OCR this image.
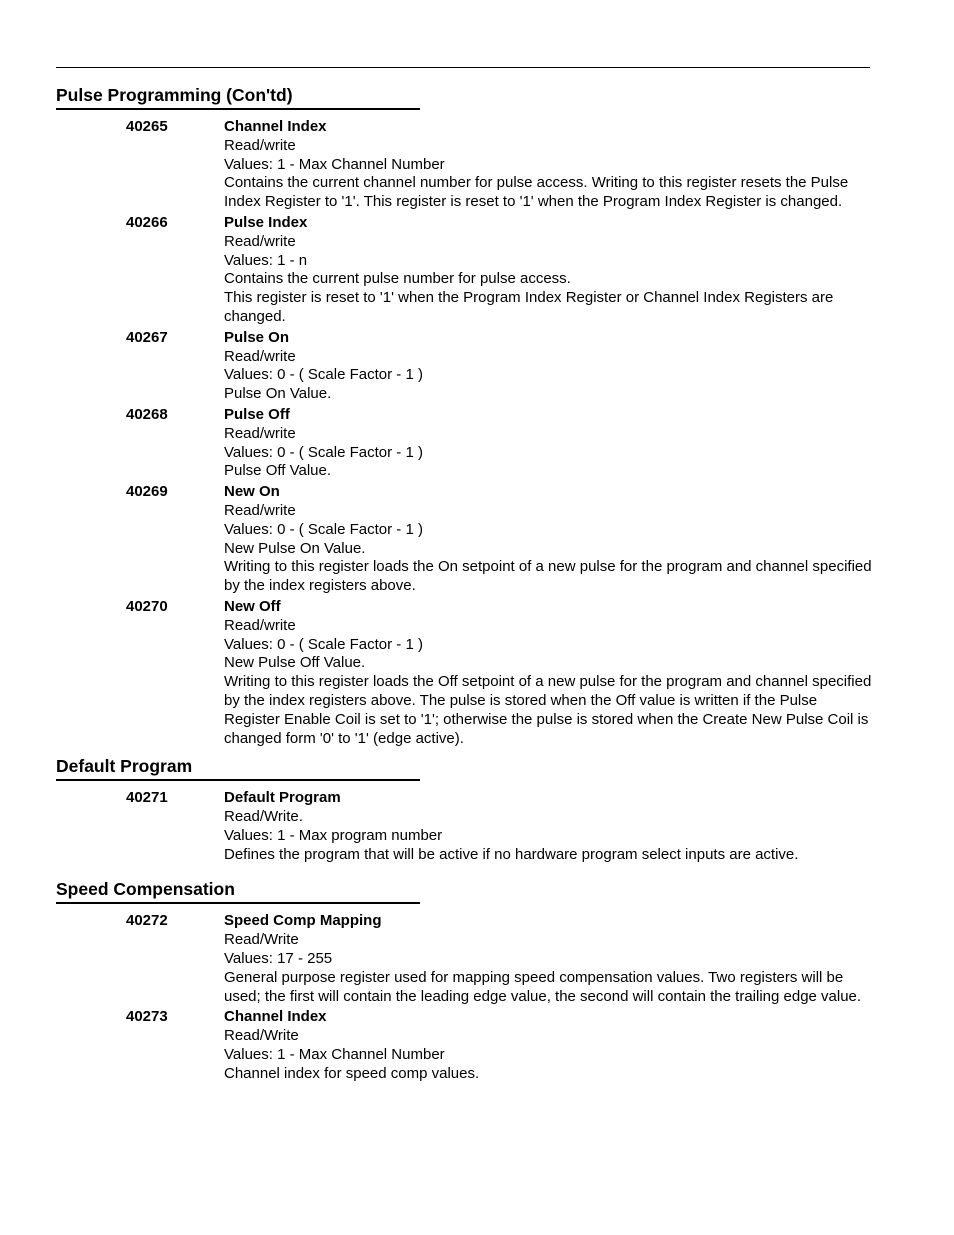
Pulse Programming (Con'td)
40265	Channel Index
Read/write
Values: 1 - Max Channel Number
Contains the current channel number for pulse access. Writing to this register resets the Pulse Index Register to '1'. This register is reset to '1' when the Program Index Register is changed.
40266	Pulse Index
Read/write
Values: 1 - n
Contains the current pulse number for pulse access.
This register is reset to '1' when the Program Index Register or Channel Index Registers are changed.
40267	Pulse On
Read/write
Values: 0 - ( Scale Factor - 1 )
Pulse On Value.
40268	Pulse Off
Read/write
Values: 0 - ( Scale Factor - 1 )
Pulse Off Value.
40269	New On
Read/write
Values: 0 - ( Scale Factor - 1 )
New Pulse On Value.
Writing to this register loads the On setpoint of a new pulse for the program and channel specified by the index registers above.
40270	New Off
Read/write
Values: 0 - ( Scale Factor - 1 )
New Pulse Off Value.
Writing to this register loads the Off setpoint of a new pulse for the program and channel specified by the index registers above. The pulse is stored when the Off value is written if the Pulse Register Enable Coil is set to '1'; otherwise the pulse is stored when the Create New Pulse Coil is changed form '0' to '1' (edge active).
Default Program
40271	Default Program
Read/Write.
Values: 1 - Max program number
Defines the program that will be active if no hardware program select inputs are active.
Speed Compensation
40272	Speed Comp Mapping
Read/Write
Values: 17 - 255
General purpose register used for mapping speed compensation values. Two registers will be used; the first will contain the leading edge value, the second will contain the trailing edge value.
40273	Channel Index
Read/Write
Values: 1 - Max Channel Number
Channel index for speed comp values.
